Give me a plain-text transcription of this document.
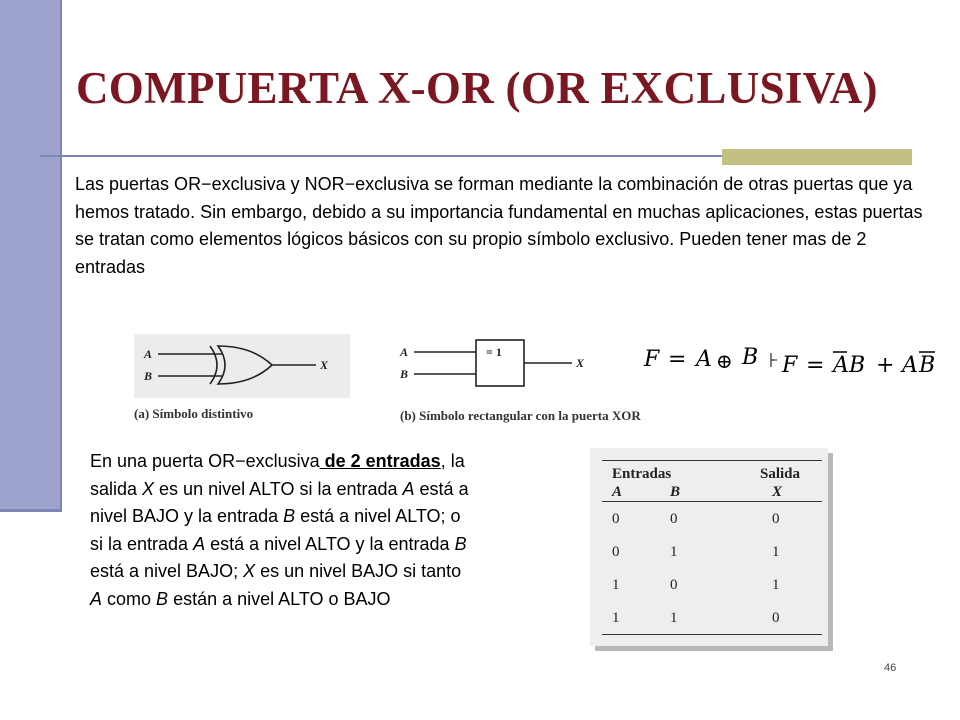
COMPUERTA X-OR (OR EXCLUSIVA)
Las puertas OR−exclusiva y NOR−exclusiva se forman mediante la combinación de otras puertas que ya hemos tratado. Sin embargo, debido a su importancia fundamental en muchas aplicaciones, estas puertas se tratan como elementos lógicos básicos con su propio símbolo exclusivo. Pueden tener mas de 2 entradas
A
B
X
(a) Símbolo distintivo
A
B
= 1
X
(b) Símbolo rectangular con la puerta XOR
F = A ⊕ B F = A B + A B
En una puerta OR−exclusiva de 2 entradas, la salida X es un nivel ALTO si la entrada A está a nivel BAJO y la entrada B está a nivel ALTO; o si la entrada A está a nivel ALTO y la entrada B está a nivel BAJO; X es un nivel BAJO si tanto A como B están a nivel ALTO o BAJO
Entradas		Salida
A	B	X
0	0	0
0	1	1
1	0	1
1	1	0
46
